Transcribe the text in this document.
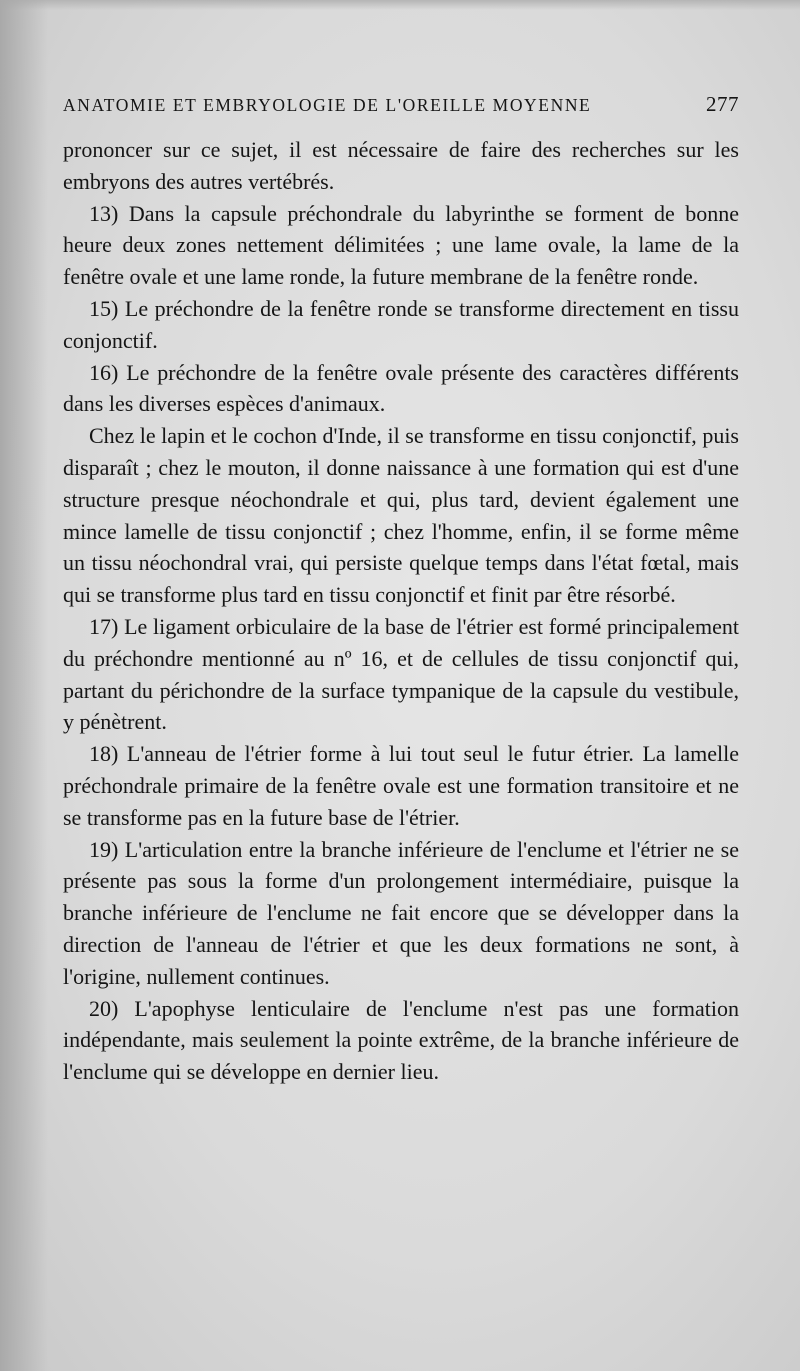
ANATOMIE ET EMBRYOLOGIE DE L'OREILLE MOYENNE	277

prononcer sur ce sujet, il est nécessaire de faire des recherches sur les embryons des autres vertébrés.

13) Dans la capsule préchondrale du labyrinthe se forment de bonne heure deux zones nettement délimitées ; une lame ovale, la lame de la fenêtre ovale et une lame ronde, la future membrane de la fenêtre ronde.

15) Le préchondre de la fenêtre ronde se transforme directement en tissu conjonctif.

16) Le préchondre de la fenêtre ovale présente des caractères différents dans les diverses espèces d'animaux.

Chez le lapin et le cochon d'Inde, il se transforme en tissu conjonctif, puis disparaît ; chez le mouton, il donne naissance à une formation qui est d'une structure presque néochondrale et qui, plus tard, devient également une mince lamelle de tissu conjonctif ; chez l'homme, enfin, il se forme même un tissu néochondral vrai, qui persiste quelque temps dans l'état fœtal, mais qui se transforme plus tard en tissu conjonctif et finit par être résorbé.

17) Le ligament orbiculaire de la base de l'étrier est formé principalement du préchondre mentionné au nº 16, et de cellules de tissu conjonctif qui, partant du périchondre de la surface tympanique de la capsule du vestibule, y pénètrent.

18) L'anneau de l'étrier forme à lui tout seul le futur étrier. La lamelle préchondrale primaire de la fenêtre ovale est une formation transitoire et ne se transforme pas en la future base de l'étrier.

19) L'articulation entre la branche inférieure de l'enclume et l'étrier ne se présente pas sous la forme d'un prolongement intermédiaire, puisque la branche inférieure de l'enclume ne fait encore que se développer dans la direction de l'anneau de l'étrier et que les deux formations ne sont, à l'origine, nullement continues.

20) L'apophyse lenticulaire de l'enclume n'est pas une formation indépendante, mais seulement la pointe extrême, de la branche inférieure de l'enclume qui se développe en dernier lieu.
